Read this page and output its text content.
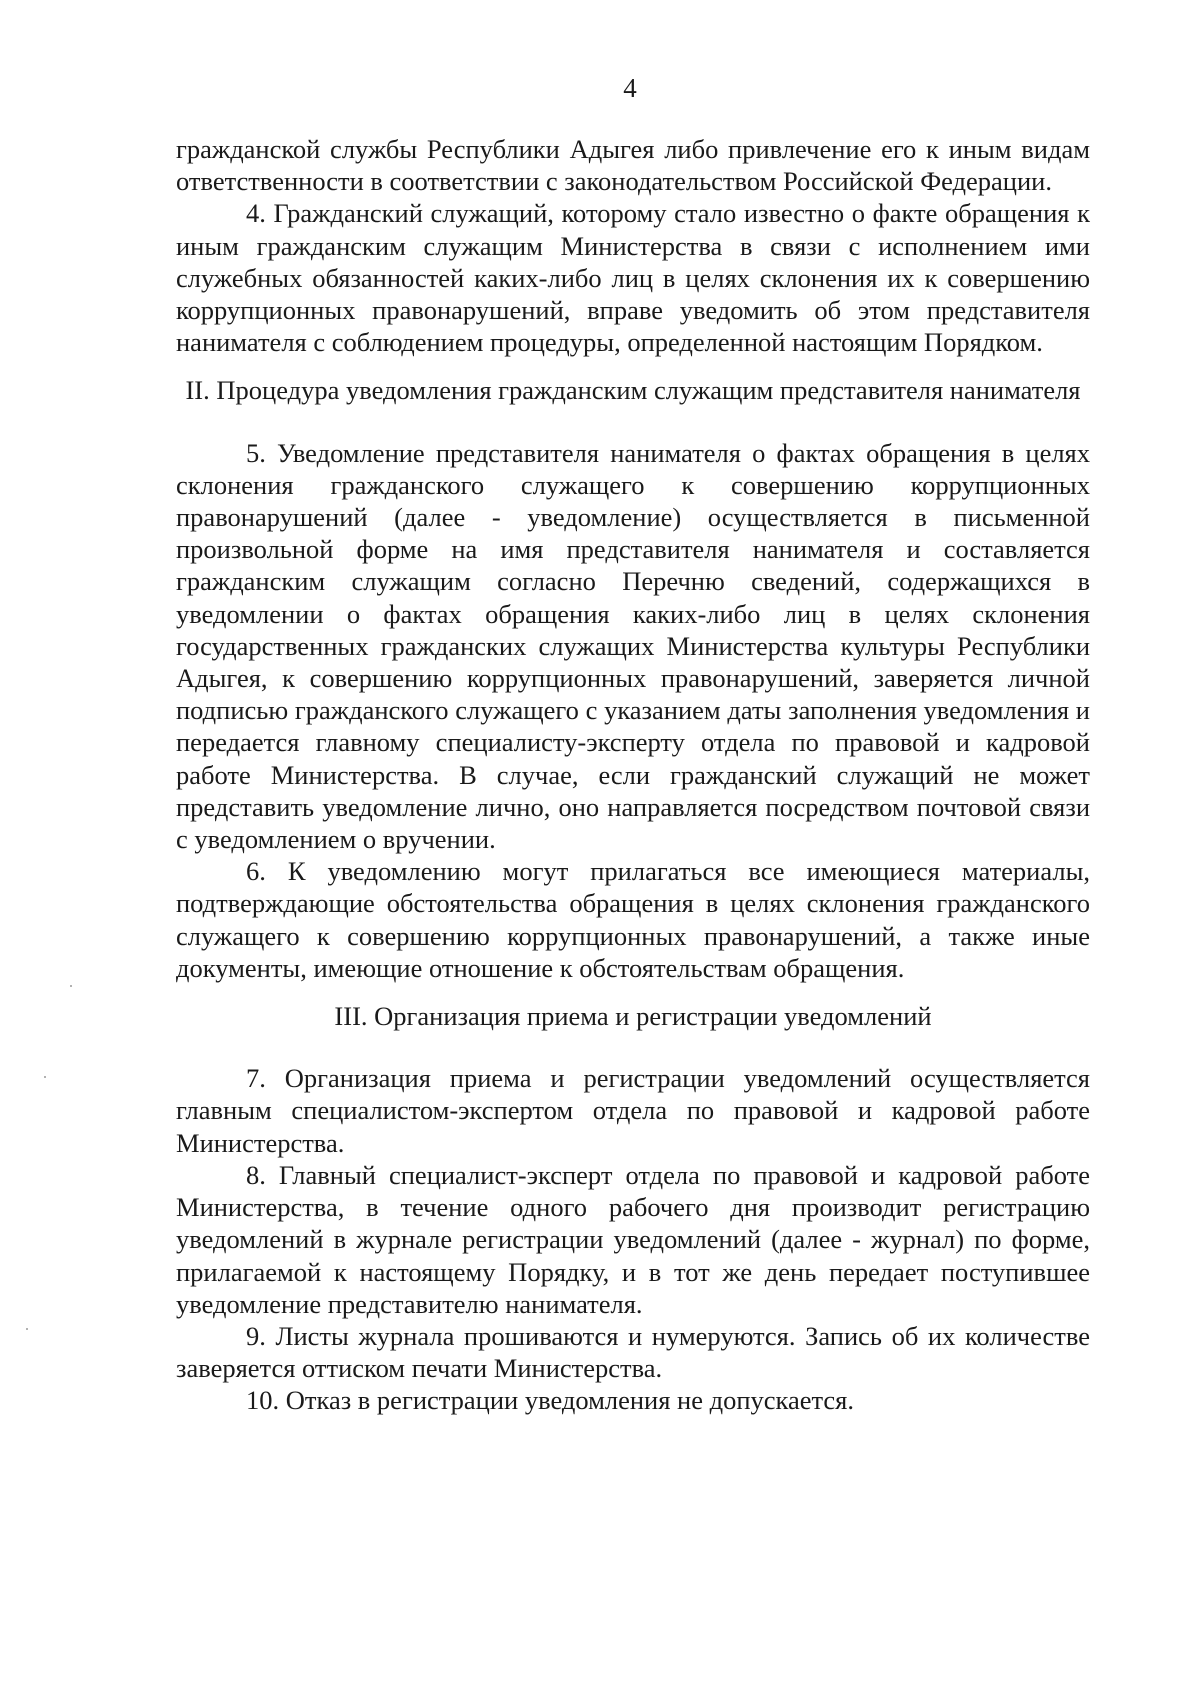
4

гражданской службы Республики Адыгея либо привлечение его к иным видам ответственности в соответствии с законодательством Российской Федерации.

4. Гражданский служащий, которому стало известно о факте обращения к иным гражданским служащим Министерства в связи с исполнением ими служебных обязанностей каких-либо лиц в целях склонения их к совершению коррупционных правонарушений, вправе уведомить об этом представителя нанимателя с соблюдением процедуры, определенной настоящим Порядком.

II. Процедура уведомления гражданским служащим представителя нанимателя

5. Уведомление представителя нанимателя о фактах обращения в целях склонения гражданского служащего к совершению коррупционных правонарушений (далее - уведомление) осуществляется в письменной произвольной форме на имя представителя нанимателя и составляется гражданским служащим согласно Перечню сведений, содержащихся в уведомлении о фактах обращения каких-либо лиц в целях склонения государственных гражданских служащих Министерства культуры Республики Адыгея, к совершению коррупционных правонарушений, заверяется личной подписью гражданского служащего с указанием даты заполнения уведомления и передается главному специалисту-эксперту отдела по правовой и кадровой работе Министерства. В случае, если гражданский служащий не может представить уведомление лично, оно направляется посредством почтовой связи с уведомлением о вручении.

6. К уведомлению могут прилагаться все имеющиеся материалы, подтверждающие обстоятельства обращения в целях склонения гражданского служащего к совершению коррупционных правонарушений, а также иные документы, имеющие отношение к обстоятельствам обращения.

III. Организация приема и регистрации уведомлений

7. Организация приема и регистрации уведомлений осуществляется главным специалистом-экспертом отдела по правовой и кадровой работе Министерства.

8. Главный специалист-эксперт отдела по правовой и кадровой работе Министерства, в течение одного рабочего дня производит регистрацию уведомлений в журнале регистрации уведомлений (далее - журнал) по форме, прилагаемой к настоящему Порядку, и в тот же день передает поступившее уведомление представителю нанимателя.

9. Листы журнала прошиваются и нумеруются. Запись об их количестве заверяется оттиском печати Министерства.

10. Отказ в регистрации уведомления не допускается.
